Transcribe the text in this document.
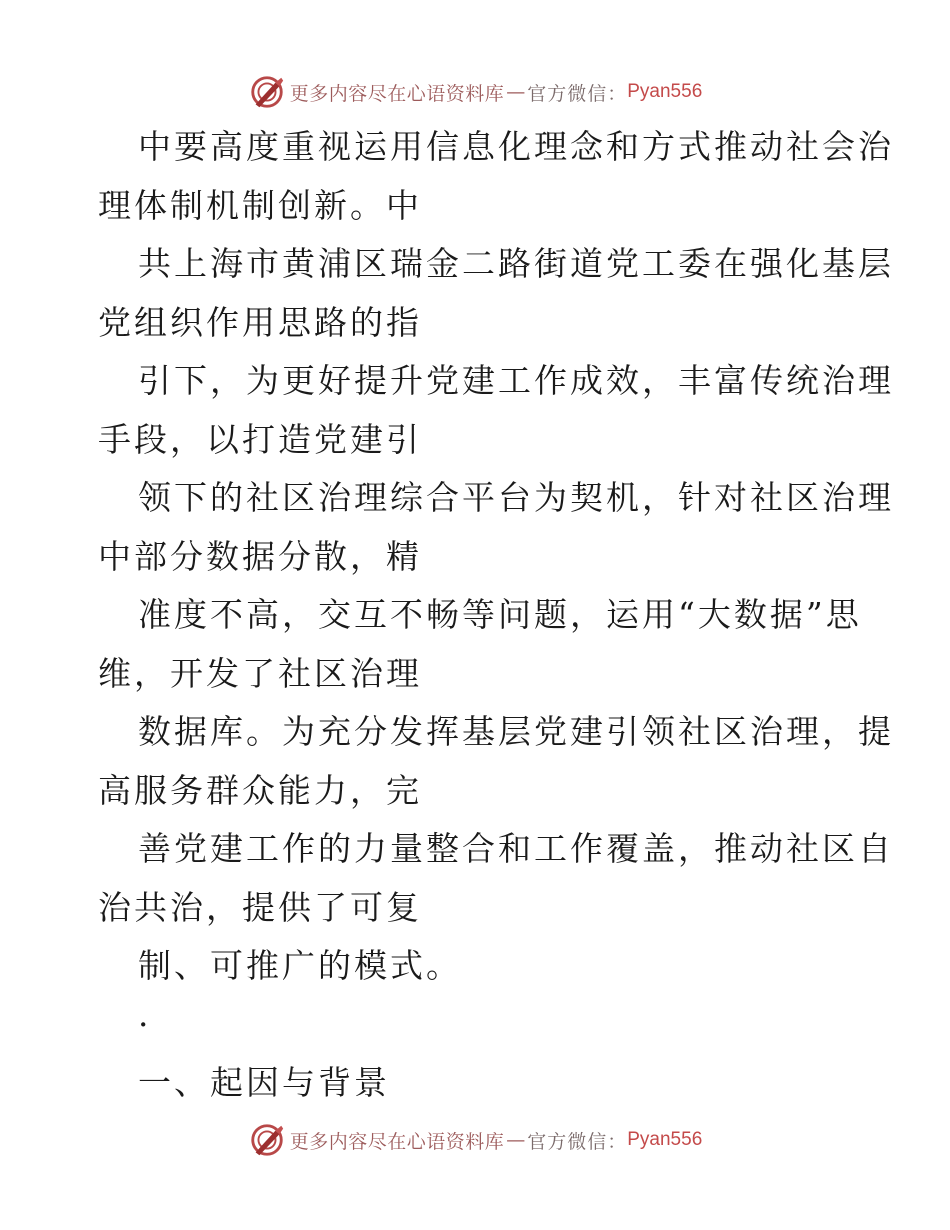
更多内容尽在心语资料库 — 官方微信： Pyan556
中要高度重视运用信息化理念和方式推动社会治
理体制机制创新。中
共上海市黄浦区瑞金二路街道党工委在强化基层
党组织作用思路的指
引下，为更好提升党建工作成效，丰富传统治理
手段，以打造党建引
领下的社区治理综合平台为契机，针对社区治理
中部分数据分散，精
准度不高，交互不畅等问题，运用“大数据”思
维，开发了社区治理
数据库。为充分发挥基层党建引领社区治理，提
高服务群众能力，完
善党建工作的力量整合和工作覆盖，推动社区自
治共治，提供了可复
制、可推广的模式。
·
一、起因与背景
更多内容尽在心语资料库 — 官方微信： Pyan556
